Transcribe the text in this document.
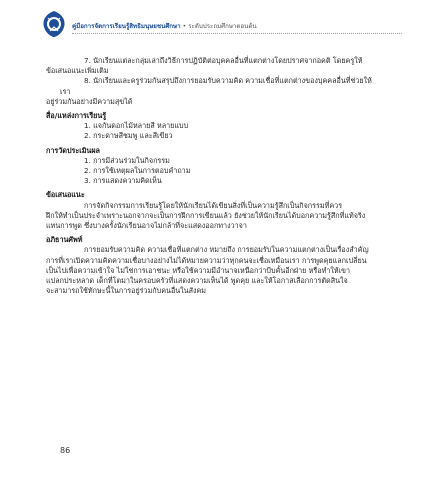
คู่มือการจัดการเรียนรู้สิทธิมนุษยชนศึกษา • ระดับประถมศึกษาตอนต้น

7. นักเรียนแต่ละกลุ่มเล่าถึงวิธีการปฏิบัติต่อบุคคลอื่นที่แตกต่างโดยปราศจากอคติ โดยครูให้

ข้อเสนอแนะเพิ่มเติม

8. นักเรียนและครูร่วมกันสรุปถึงการยอมรับความคิด ความเชื่อที่แตกต่างของบุคคลอื่นที่ช่วยให้เรา

อยู่ร่วมกันอย่างมีความสุขได้

สื่อ/แหล่งการเรียนรู้

1. แจกันดอกไม้หลายสี หลายแบบ

2. กระดาษสีชมพู และสีเขียว

การวัดประเมินผล

1. การมีส่วนร่วมในกิจกรรม

2. การใช้เหตุผลในการตอบคำถาม

3. การแสดงความคิดเห็น

ข้อเสนอแนะ

การจัดกิจกรรมการเรียนรู้โดยให้นักเรียนได้เขียนสิ่งที่เป็นความรู้สึกเป็นกิจกรรมที่ควร

ฝึกให้ทำเป็นประจำเพราะนอกจากจะเป็นการฝึกการเขียนแล้ว ยังช่วยให้นักเรียนได้บอกความรู้สึกที่แท้จริง

แทนการพูด ซึ่งบางครั้งนักเรียนอาจไม่กล้าที่จะแสดงออกทางวาจา

อภิธานศัพท์

การยอมรับความคิด ความเชื่อที่แตกต่าง หมายถึง การยอมรับในความแตกต่างเป็นเรื่องสำคัญ

การที่เราเปิดความคิดความเชื่อบางอย่างไม่ได้หมายความว่าทุกคนจะเชื่อเหมือนเรา การพูดคุยแลกเปลี่ยน

เป็นไปเพื่อความเข้าใจ ไม่ใช่การเอาชนะ หรือใช้ความมีอำนาจเหนือกว่าบีบคั้นอีกฝ่าย หรือทำให้เขา

แปลกประหลาด เด็กที่โตมาในครอบครัวที่แสดงความเห็นได้ พูดคุย และให้โอกาสเลือกการตัดสินใจ

จะสามารถใช้ทักษะนี้ในการอยู่ร่วมกับคนอื่นในสังคม

86
